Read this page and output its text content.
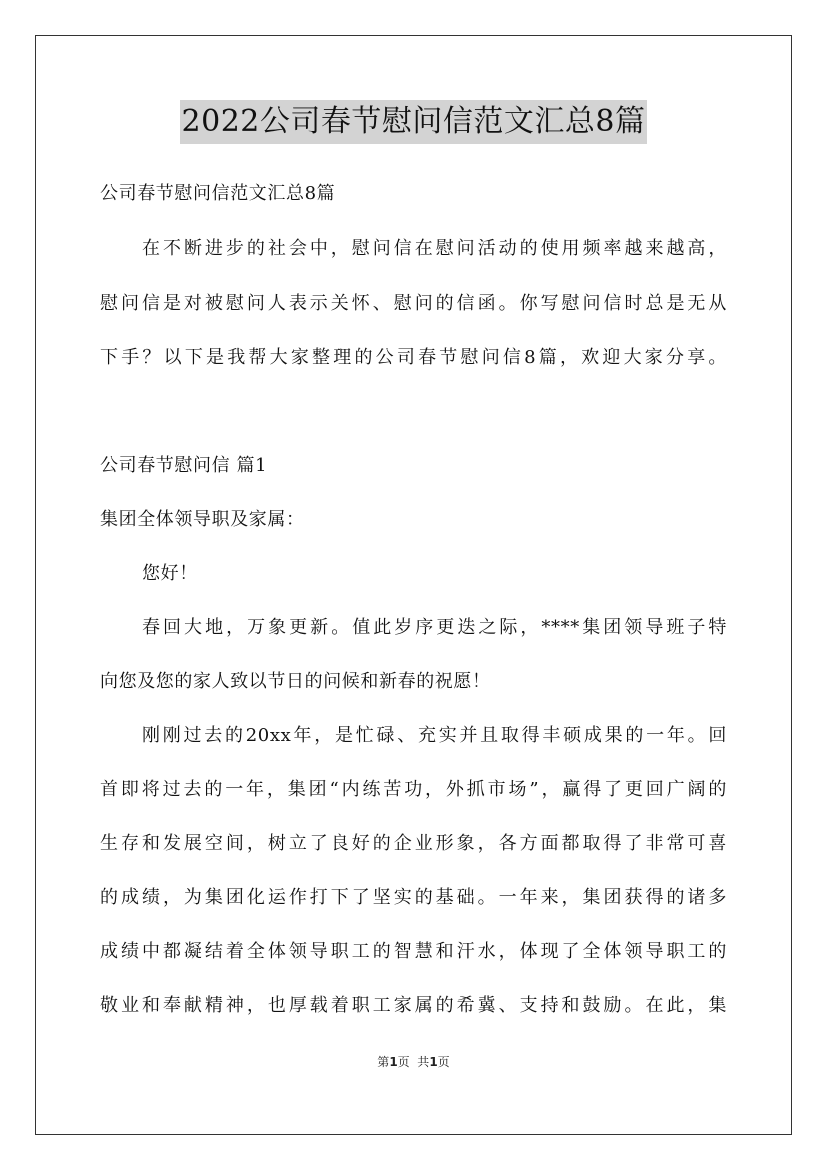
2022公司春节慰问信范文汇总8篇
公司春节慰问信范文汇总8篇
在不断进步的社会中，慰问信在慰问活动的使用频率越来越高，
慰问信是对被慰问人表示关怀、慰问的信函。你写慰问信时总是无从
下手？以下是我帮大家整理的公司春节慰问信8篇，欢迎大家分享。
公司春节慰问信 篇1
集团全体领导职及家属：
您好！
春回大地，万象更新。值此岁序更迭之际，****集团领导班子特
向您及您的家人致以节日的问候和新春的祝愿！
刚刚过去的20xx年，是忙碌、充实并且取得丰硕成果的一年。回
首即将过去的一年，集团“内练苦功，外抓市场”，赢得了更回广阔的
生存和发展空间，树立了良好的企业形象，各方面都取得了非常可喜
的成绩，为集团化运作打下了坚实的基础。一年来，集团获得的诸多
成绩中都凝结着全体领导职工的智慧和汗水，体现了全体领导职工的
敬业和奉献精神，也厚载着职工家属的希冀、支持和鼓励。在此，集
第1页  共1页
